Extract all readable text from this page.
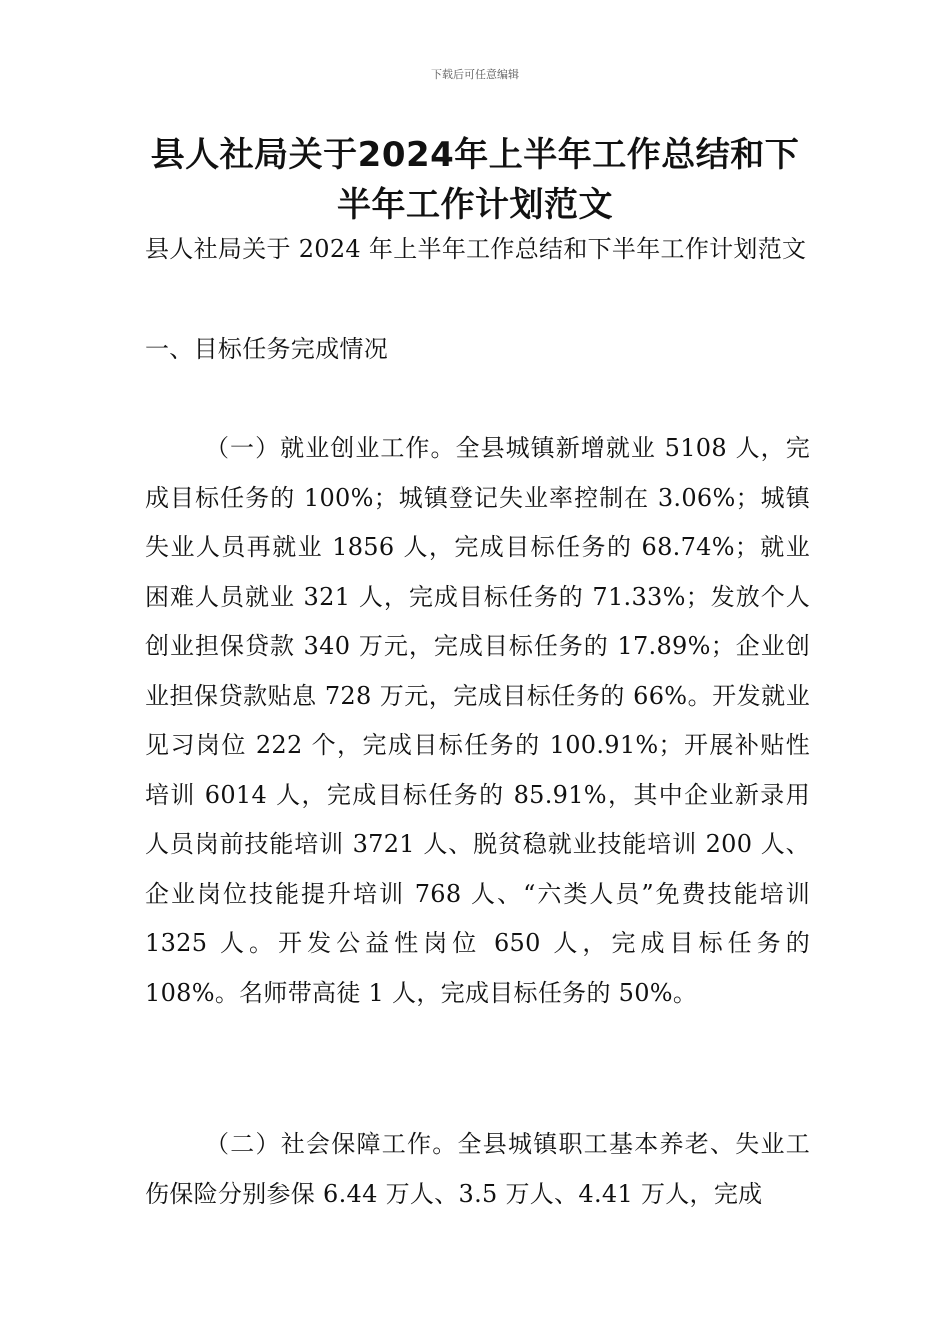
下载后可任意编辑
县人社局关于2024年上半年工作总结和下半年工作计划范文

县人社局关于 2024 年上半年工作总结和下半年工作计划范文

一、目标任务完成情况

（一）就业创业工作。全县城镇新增就业 5108 人，完成目标任务的 100%；城镇登记失业率控制在 3.06%；城镇失业人员再就业 1856 人，完成目标任务的 68.74%；就业困难人员就业 321 人，完成目标任务的 71.33%；发放个人创业担保贷款 340 万元，完成目标任务的 17.89%；企业创业担保贷款贴息 728 万元，完成目标任务的 66%。开发就业见习岗位 222 个，完成目标任务的 100.91%；开展补贴性培训 6014 人，完成目标任务的 85.91%，其中企业新录用人员岗前技能培训 3721 人、脱贫稳就业技能培训 200 人、企业岗位技能提升培训 768 人、“六类人员”免费技能培训 1325 人。开发公益性岗位 650 人，完成目标任务的 108%。名师带高徒 1 人，完成目标任务的 50%。

（二）社会保障工作。全县城镇职工基本养老、失业工伤保险分别参保 6.44 万人、3.5 万人、4.41 万人，完成
